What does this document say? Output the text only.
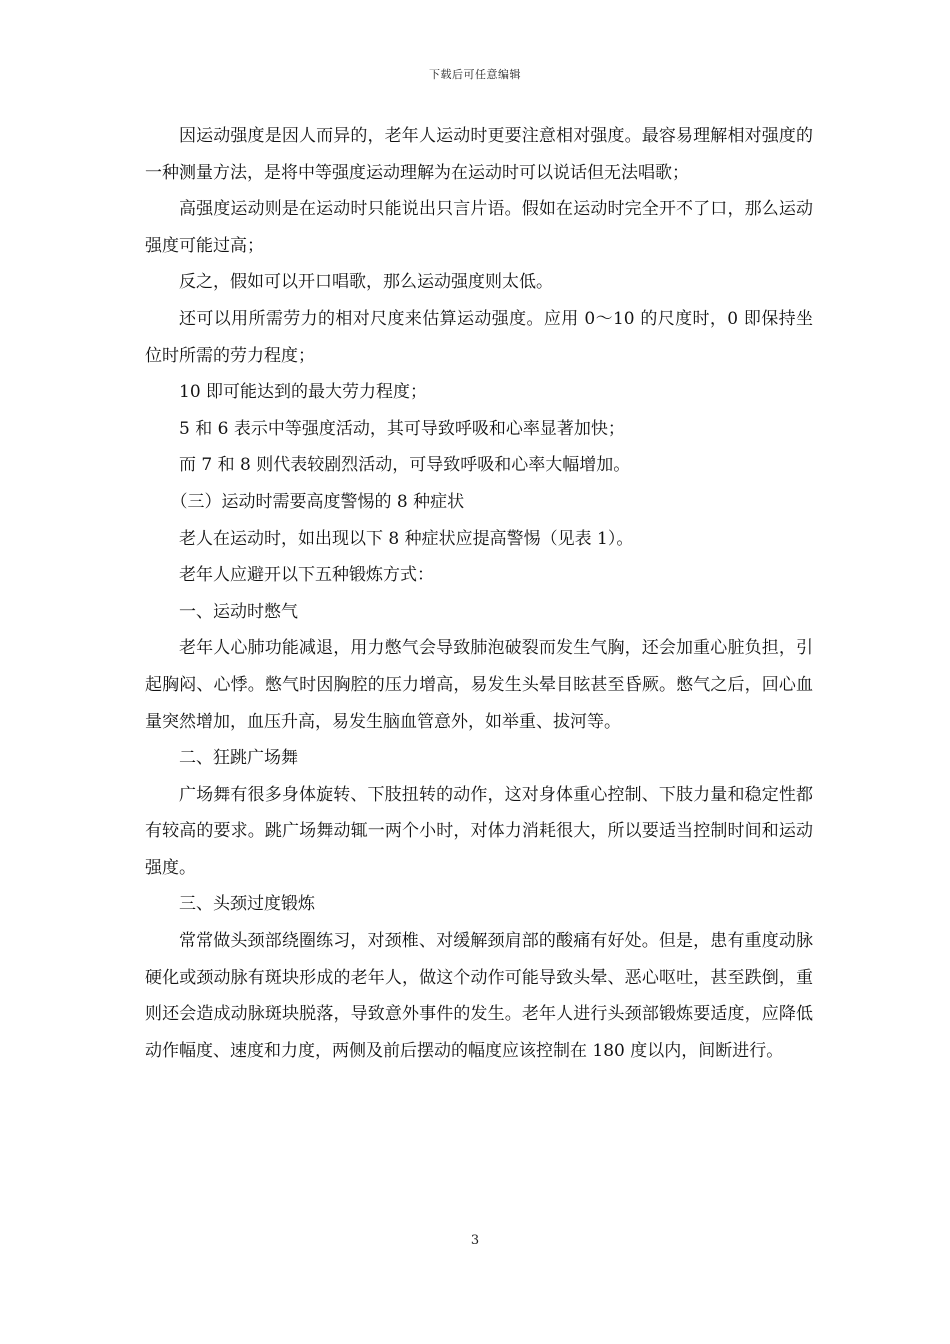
下载后可任意编辑

因运动强度是因人而异的，老年人运动时更要注意相对强度。最容易理解相对强度的一种测量方法，是将中等强度运动理解为在运动时可以说话但无法唱歌；

高强度运动则是在运动时只能说出只言片语。假如在运动时完全开不了口，那么运动强度可能过高；

反之，假如可以开口唱歌，那么运动强度则太低。

还可以用所需劳力的相对尺度来估算运动强度。应用 0～10 的尺度时，0 即保持坐位时所需的劳力程度；

10 即可能达到的最大劳力程度；

5 和 6 表示中等强度活动，其可导致呼吸和心率显著加快；

而 7 和 8 则代表较剧烈活动，可导致呼吸和心率大幅增加。

（三）运动时需要高度警惕的 8 种症状

老人在运动时，如出现以下 8 种症状应提高警惕（见表 1）。

老年人应避开以下五种锻炼方式：

一、运动时憋气

老年人心肺功能减退，用力憋气会导致肺泡破裂而发生气胸，还会加重心脏负担，引起胸闷、心悸。憋气时因胸腔的压力增高，易发生头晕目眩甚至昏厥。憋气之后，回心血量突然增加，血压升高，易发生脑血管意外，如举重、拔河等。

二、狂跳广场舞

广场舞有很多身体旋转、下肢扭转的动作，这对身体重心控制、下肢力量和稳定性都有较高的要求。跳广场舞动辄一两个小时，对体力消耗很大，所以要适当控制时间和运动强度。

三、头颈过度锻炼

常常做头颈部绕圈练习，对颈椎、对缓解颈肩部的酸痛有好处。但是，患有重度动脉硬化或颈动脉有斑块形成的老年人，做这个动作可能导致头晕、恶心呕吐，甚至跌倒，重则还会造成动脉斑块脱落，导致意外事件的发生。老年人进行头颈部锻炼要适度，应降低动作幅度、速度和力度，两侧及前后摆动的幅度应该控制在 180 度以内，间断进行。

3
